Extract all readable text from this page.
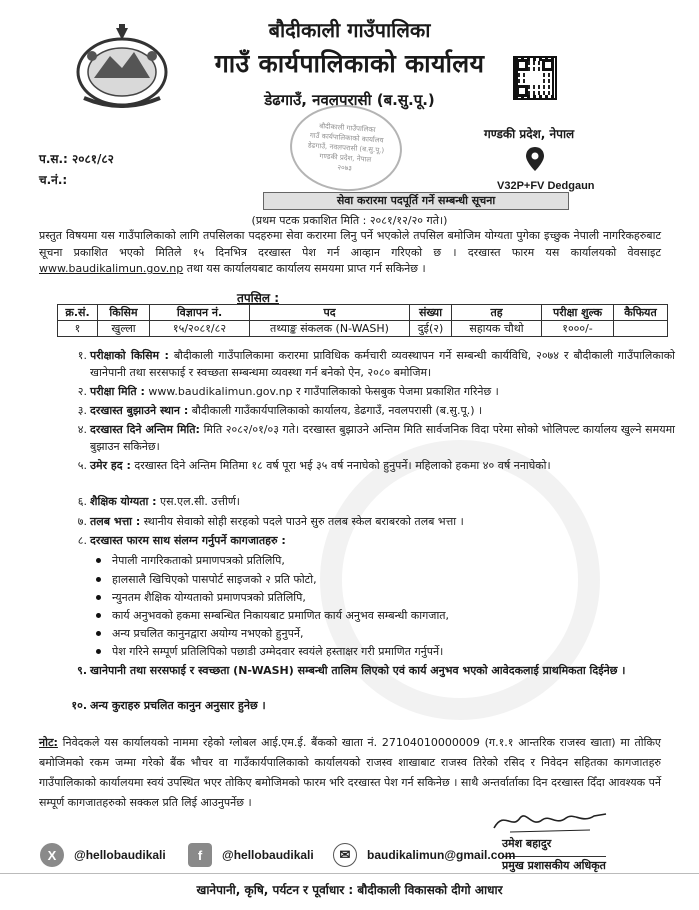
बौदीकाली गाउँपालिका
गाउँ कार्यपालिकाको कार्यालय
डेढगाउँ, नवलपरासी (ब.सु.पू.)
गण्डकी प्रदेश, नेपाल
V32P+FV Dedgaun
बौदीकाली गाउँपालिका
गाउँ कार्यपालिकाको कार्यालय
डेढगाउँ, नवलपरासी (ब.सु.पू.)
गण्डकी प्रदेश, नेपाल
२०७३
प.स.: २०८१/८२
च.नं.:
सेवा करारमा पदपूर्ति गर्ने सम्बन्धी सूचना
(प्रथम पटक प्रकाशित मिति : २०८१/१२/२० गते।)
प्रस्तुत विषयमा यस गाउँपालिकाको लागि तपसिलका पदहरुमा सेवा करारमा लिनु पर्ने भएकोले तपसिल बमोजिम योग्यता पुगेका इच्छुक नेपाली नागरिकहरुबाट सूचना प्रकाशित भएको मितिले १५ दिनभित्र दरखास्त पेश गर्न आव्हान गरिएको छ । दरखास्त फारम यस कार्यालयको वेवसाइट www.baudikalimun.gov.np तथा यस कार्यालयबाट कार्यालय समयमा प्राप्त गर्न सकिनेछ ।
तपसिल :
क्र.सं.	किसिम	विज्ञापन नं.	पद	संख्या	तह	परीक्षा शुल्क	कैफियत
१	खुल्ला	१५/२०८१/८२	तथ्याङ्क संकलक (N-WASH)	दुई(२)	सहायक चौथो	१०००/-	
१. परीक्षाको किसिम : बौदीकाली गाउँपालिकामा करारमा प्राविधिक कर्मचारी व्यवस्थापन गर्ने सम्बन्धी कार्यविधि, २०७४ र बौदीकाली गाउँपालिकाको खानेपानी तथा सरसफाई र स्वच्छता सम्बन्धमा व्यवस्था गर्न बनेको ऐन, २०८० बमोजिम।
२. परीक्षा मिति : www.baudikalimun.gov.np र गाउँपालिकाको फेसबुक पेजमा प्रकाशित गरिनेछ ।
३. दरखास्त बुझाउने स्थान : बौदीकाली गाउँकार्यपालिकाको कार्यालय, डेढगाउँ, नवलपरासी (ब.सु.पू.) ।
४. दरखास्त दिने अन्तिम मिति: मिति २०८२/०१/०३ गते। दरखास्त बुझाउने अन्तिम मिति सार्वजनिक विदा परेमा सोको भोलिपल्ट कार्यालय खुल्ने समयमा बुझाउन सकिनेछ।
५. उमेर हद : दरखास्त दिने अन्तिम मितिमा १८ वर्ष पूरा भई ३५ वर्ष ननाघेको हुनुपर्ने। महिलाको हकमा ४० वर्ष ननाघेको।
६. शैक्षिक योग्यता : एस.एल.सी. उत्तीर्ण।
७. तलब भत्ता : स्थानीय सेवाको सोही सरहको पदले पाउने सुरु तलब स्केल बराबरको तलब भत्ता ।
८. दरखास्त फारम साथ संलग्न गर्नुपर्ने कागजातहरु :
नेपाली नागरिकताको प्रमाणपत्रको प्रतिलिपि,
हालसालै खिचिएको पासपोर्ट साइजको २ प्रति फोटो,
न्युनतम शैक्षिक योग्यताको प्रमाणपत्रको प्रतिलिपि,
कार्य अनुभवको हकमा सम्बन्धित निकायबाट प्रमाणित कार्य अनुभव सम्बन्धी कागजात,
अन्य प्रचलित कानुनद्वारा अयोग्य नभएको हुनुपर्ने,
पेश गरिने सम्पूर्ण प्रतिलिपिको पछाडी उम्मेदवार स्वयंले हस्ताक्षर गरी प्रमाणित गर्नुपर्ने।
९. खानेपानी तथा सरसफाई र स्वच्छता (N-WASH) सम्बन्धी तालिम लिएको एवं कार्य अनुभव भएको आवेदकलाई प्राथमिकता दिईनेछ ।
१०. अन्य कुराहरु प्रचलित कानुन अनुसार हुनेछ ।
नोट: निवेदकले यस कार्यालयको नाममा रहेको ग्लोबल आई.एम.ई. बैंकको खाता नं. 27104010000009 (ग.१.१ आन्तरिक राजस्व खाता) मा तोकिए बमोजिमको रकम जम्मा गरेको बैंक भौचर वा गाउँकार्यपालिकाको कार्यालयको राजस्व शाखाबाट राजस्व तिरेको रसिद र निवेदन सहितका कागजातहरु गाउँपालिकाको कार्यालयमा स्वयं उपस्थित भएर तोकिए बमोजिमको फारम भरि दरखास्त पेश गर्न सकिनेछ । साथै अन्तर्वार्ताका दिन दरखास्त दिँदा आवश्यक पर्ने सम्पूर्ण कागजातहरुको सक्कल प्रति लिई आउनुपर्नेछ ।
उमेश बहादुर
प्रमुख प्रशासकीय अधिकृत
X	@hellobaudikali	f	@hellobaudikali	✉	baudikalimun@gmail.com
खानेपानी, कृषि, पर्यटन र पूर्वाधार : बौदीकाली विकासको दीगो आधार
